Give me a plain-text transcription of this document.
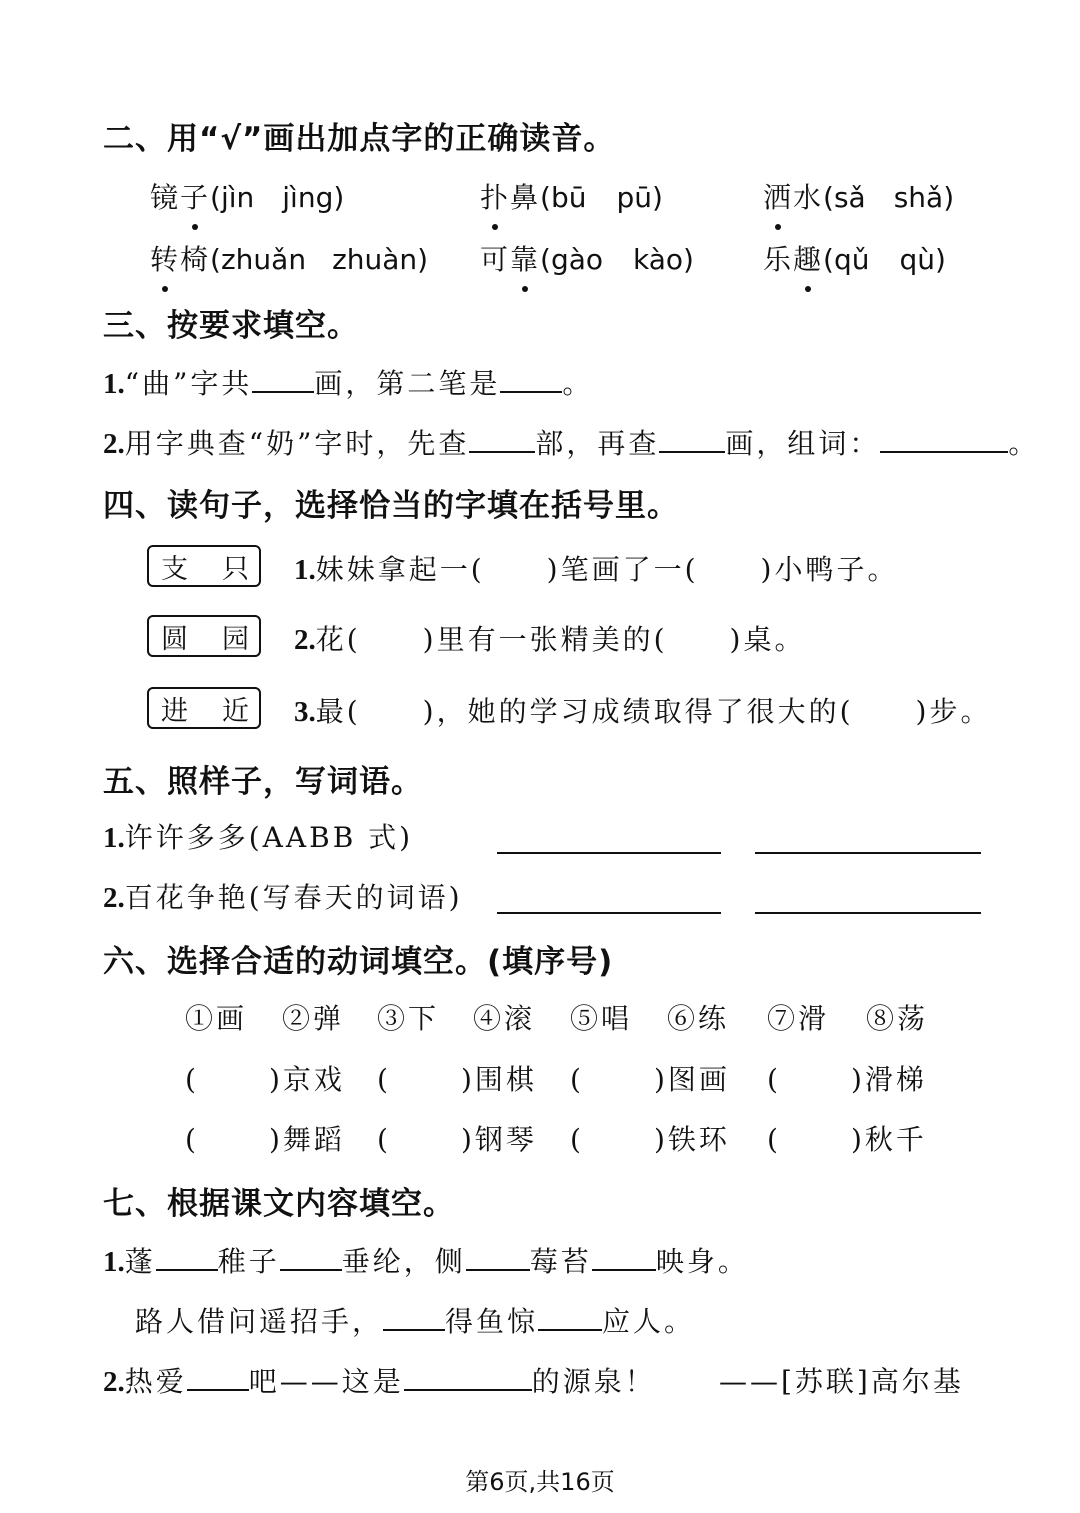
二、用“√”画出加点字的正确读音。
镜子(jìn jìng)	扑鼻(bū pū)	洒水(sǎ shǎ)
转椅(zhuǎn zhuàn) 可靠(gào kào) 乐趣(qǔ qù)
三、按要求填空。
1.“曲”字共 画，第二笔是 。
2.用字典查“奶”字时，先查 部，再查 画，组词：	。
四、读句子，选择恰当的字填在括号里。
支 只 1.妹妹拿起一(　　)笔画了一(　　)小鸭子。
圆 园 2.花(　　)里有一张精美的(　　)桌。
进 近 3.最(　　)，她的学习成绩取得了很大的(　　)步。
五、照样子，写词语。
1.许许多多(AABB 式)
2.百花争艳(写春天的词语)
六、选择合适的动词填空。(填序号)
①画 ②弹 ③下 ④滚 ⑤唱 ⑥练 ⑦滑 ⑧荡
(	)京戏 (	)围棋 (	)图画 (	)滑梯
(	)舞蹈 (	)钢琴 (	)铁环 (	)秋千
七、根据课文内容填空。
1.蓬 稚子 垂纶，侧 莓苔 映身。
路人借问遥招手， 得鱼惊 应人。
2.热爱 吧——这是	的源泉！ ——[苏联]高尔基
第6页,共16页
